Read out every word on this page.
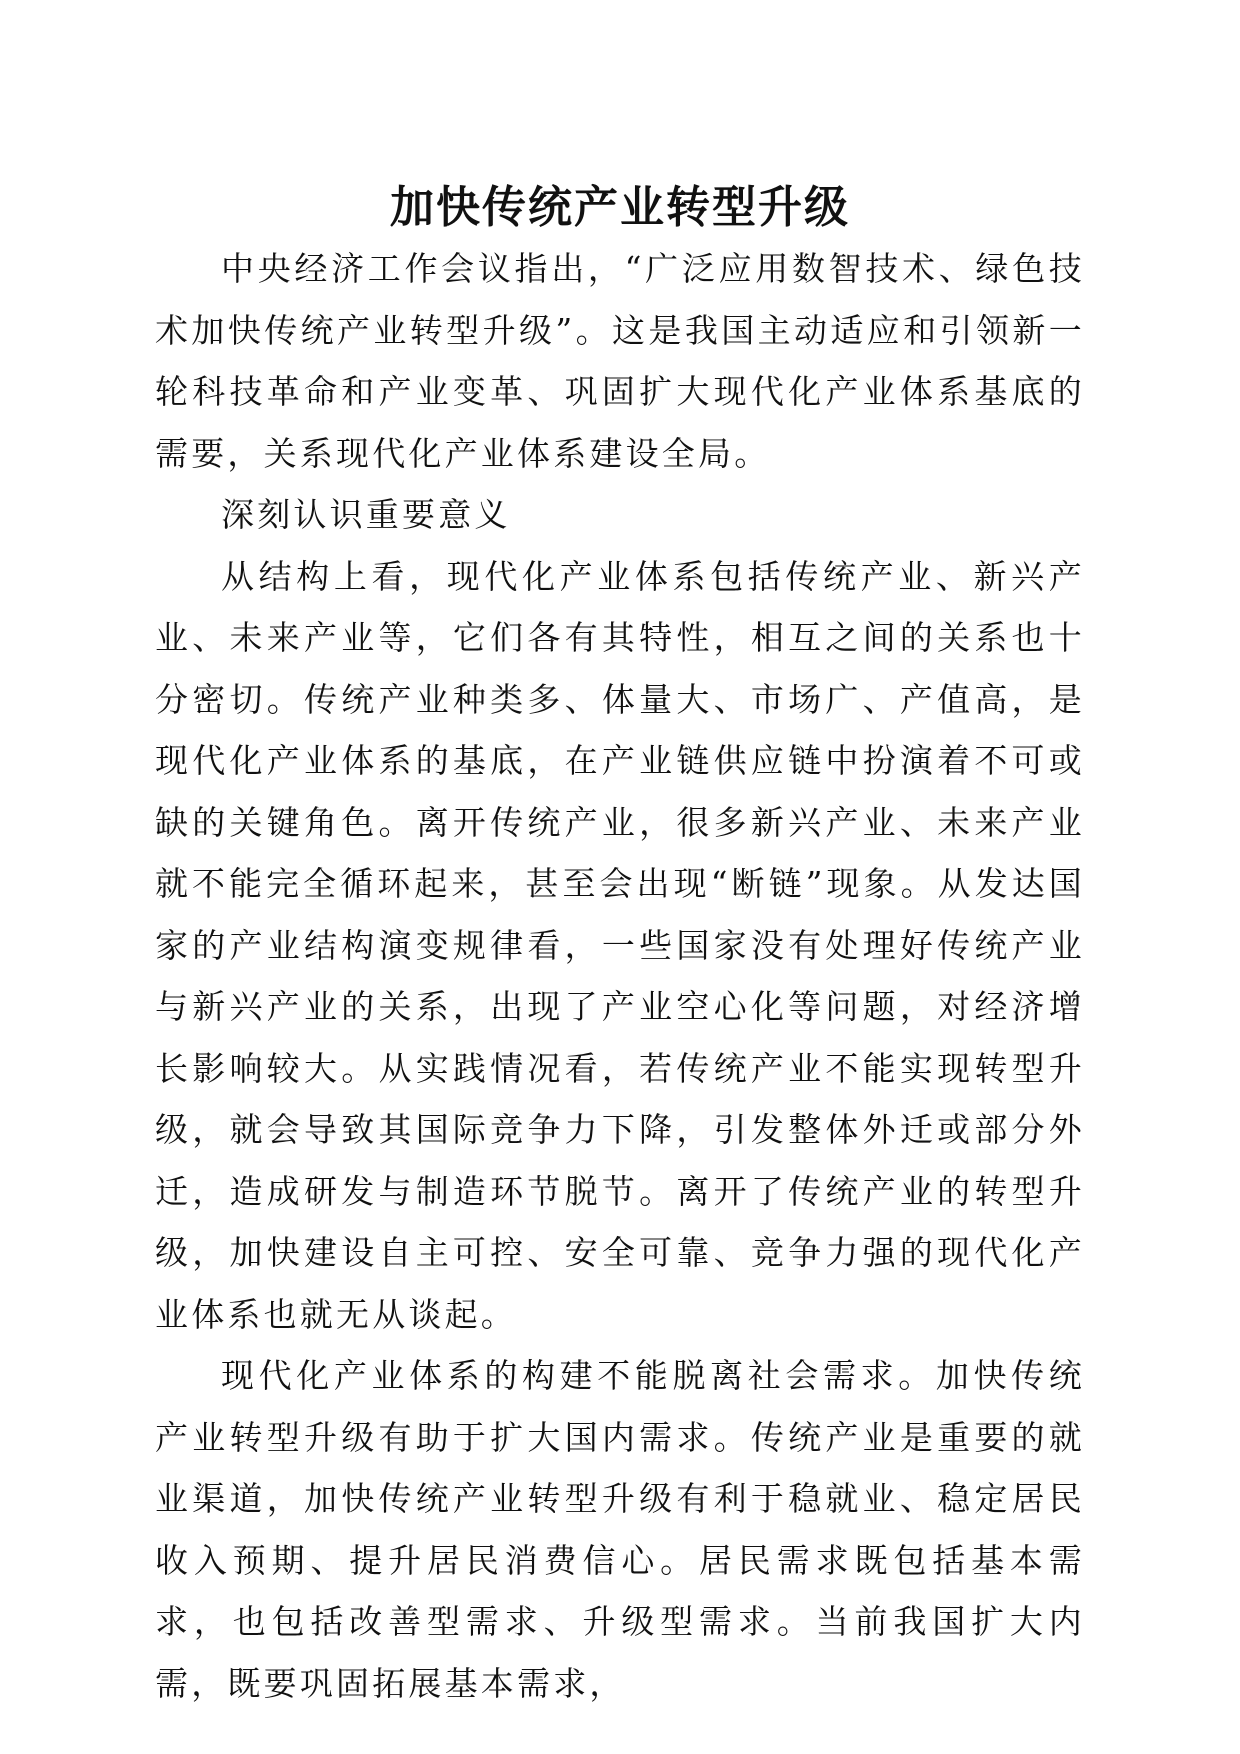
加快传统产业转型升级

中央经济工作会议指出，“广泛应用数智技术、绿色技术加快传统产业转型升级”。这是我国主动适应和引领新一轮科技革命和产业变革、巩固扩大现代化产业体系基底的需要，关系现代化产业体系建设全局。

深刻认识重要意义

从结构上看，现代化产业体系包括传统产业、新兴产业、未来产业等，它们各有其特性，相互之间的关系也十分密切。传统产业种类多、体量大、市场广、产值高，是现代化产业体系的基底，在产业链供应链中扮演着不可或缺的关键角色。离开传统产业，很多新兴产业、未来产业就不能完全循环起来，甚至会出现“断链”现象。从发达国家的产业结构演变规律看，一些国家没有处理好传统产业与新兴产业的关系，出现了产业空心化等问题，对经济增长影响较大。从实践情况看，若传统产业不能实现转型升级，就会导致其国际竞争力下降，引发整体外迁或部分外迁，造成研发与制造环节脱节。离开了传统产业的转型升级，加快建设自主可控、安全可靠、竞争力强的现代化产业体系也就无从谈起。

现代化产业体系的构建不能脱离社会需求。加快传统产业转型升级有助于扩大国内需求。传统产业是重要的就业渠道，加快传统产业转型升级有利于稳就业、稳定居民收入预期、提升居民消费信心。居民需求既包括基本需求，也包括改善型需求、升级型需求。当前我国扩大内需，既要巩固拓展基本需求，
